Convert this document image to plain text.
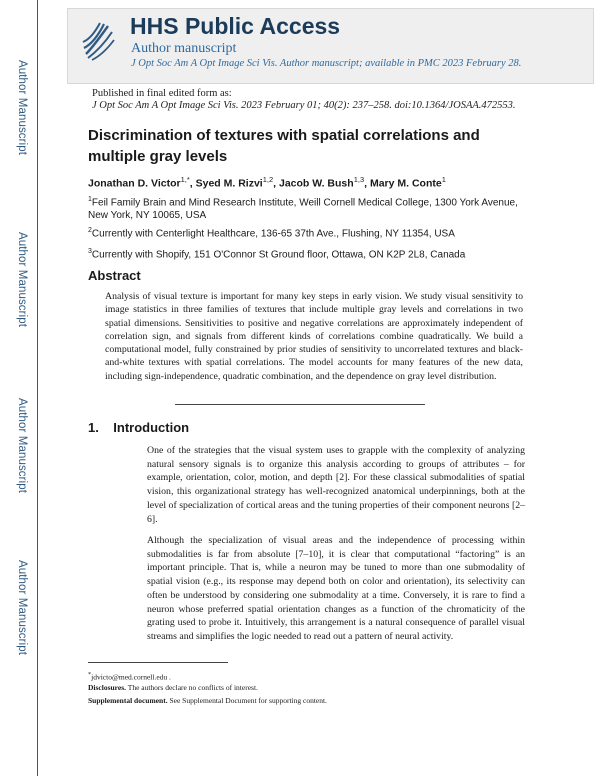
Author Manuscript
Author Manuscript
Author Manuscript
Author Manuscript
HHS Public Access
Author manuscript
J Opt Soc Am A Opt Image Sci Vis. Author manuscript; available in PMC 2023 February 28.
Published in final edited form as:
J Opt Soc Am A Opt Image Sci Vis. 2023 February 01; 40(2): 237–258. doi:10.1364/JOSAA.472553.
Discrimination of textures with spatial correlations and multiple gray levels
Jonathan D. Victor$^{1,*}$, Syed M. Rizvi$^{1,2}$, Jacob W. Bush$^{1,3}$, Mary M. Conte$^1$
$^1$Feil Family Brain and Mind Research Institute, Weill Cornell Medical College, 1300 York Avenue, New York, NY 10065, USA
$^2$Currently with Centerlight Healthcare, 136-65 37th Ave., Flushing, NY 11354, USA
$^3$Currently with Shopify, 151 O'Connor St Ground floor, Ottawa, ON K2P 2L8, Canada
Abstract
Analysis of visual texture is important for many key steps in early vision. We study visual sensitivity to image statistics in three families of textures that include multiple gray levels and correlations in two spatial dimensions. Sensitivities to positive and negative correlations are approximately independent of correlation sign, and signals from different kinds of correlations combine quadratically. We build a computational model, fully constrained by prior studies of sensitivity to uncorrelated textures and black-and-white textures with spatial correlations. The model accounts for many features of the new data, including sign-independence, quadratic combination, and the dependence on gray level distribution.
1.    Introduction

One of the strategies that the visual system uses to grapple with the complexity of analyzing natural sensory signals is to organize this analysis according to groups of attributes – for example, orientation, color, motion, and depth [2]. For these classical submodalities of spatial vision, this organizational strategy has well-recognized anatomical underpinnings, both at the level of specialization of cortical areas and the tuning properties of their component neurons [2–6].

Although the specialization of visual areas and the independence of processing within submodalities is far from absolute [7–10], it is clear that computational “factoring” is an important principle. That is, while a neuron may be tuned to more than one submodality of spatial vision (e.g., its response may depend both on color and orientation), its selectivity can often be understood by considering one submodality at a time. Conversely, it is rare to find a neuron whose preferred spatial orientation changes as a function of the chromaticity of the grating used to probe it. Intuitively, this arrangement is a natural consequence of parallel visual streams and simplifies the logic needed to read out a pattern of neural activity.

*jdvicto@med.cornell.edu .
Disclosures. The authors declare no conflicts of interest.
Supplemental document. See Supplemental Document for supporting content.
